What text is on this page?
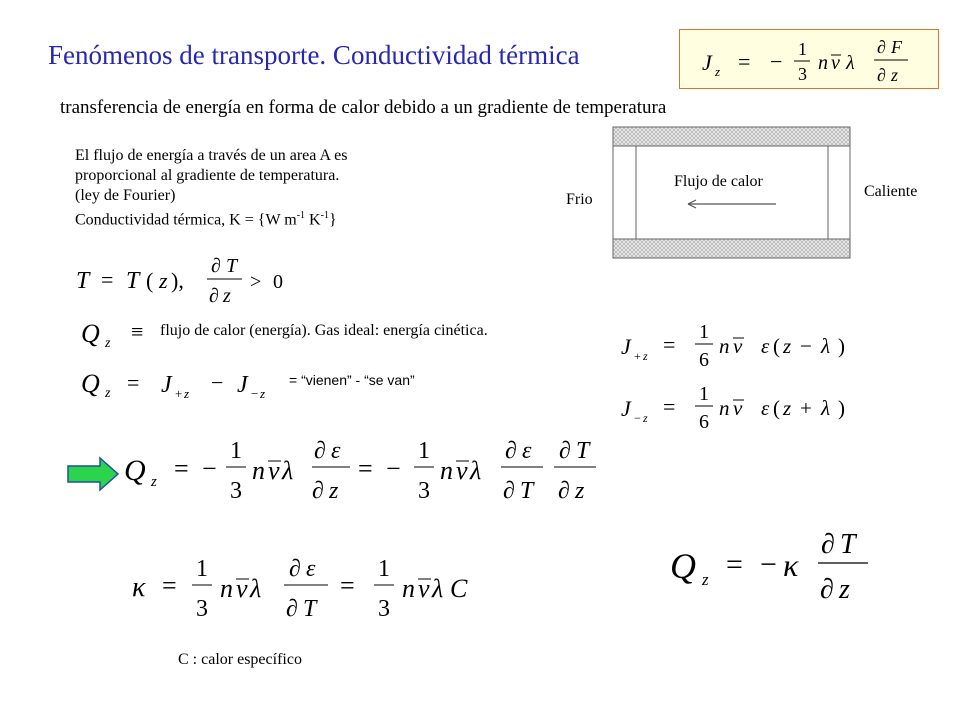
Fenómenos de transporte. Conductividad térmica	J z = − 1
3 n v λ
∂ F
∂ z
transferencia de energía en forma de calor debido a un gradiente de temperatura
El flujo de energía a través de un area A es
proporcional al gradiente de temperatura.
(ley de Fourier)
Conductividad térmica, K = {W $m^{-1}$ $K^{-1}$}
Flujo de calor
Frio	Caliente
T = T ( z ),
∂ T
∂ z
> 0
Q z ≡ flujo de calor (energía). Gas ideal: energía cinética.
Q z = J + z − J − z
= “vienen” - “se van”
J + z = 1
6
n v ε ( z − λ )
J − z = 1
6
n v ε ( z + λ )
Q z = −
1
3
n v λ
∂ ε
∂ z
= −
1
3
n v λ
∂ ε
∂ T
∂ T
∂ z
κ =
1
3
n v λ
∂ ε
∂ T
=
1
3
n v λ C
Q z = − κ
∂ T
∂ z
C : calor específico
